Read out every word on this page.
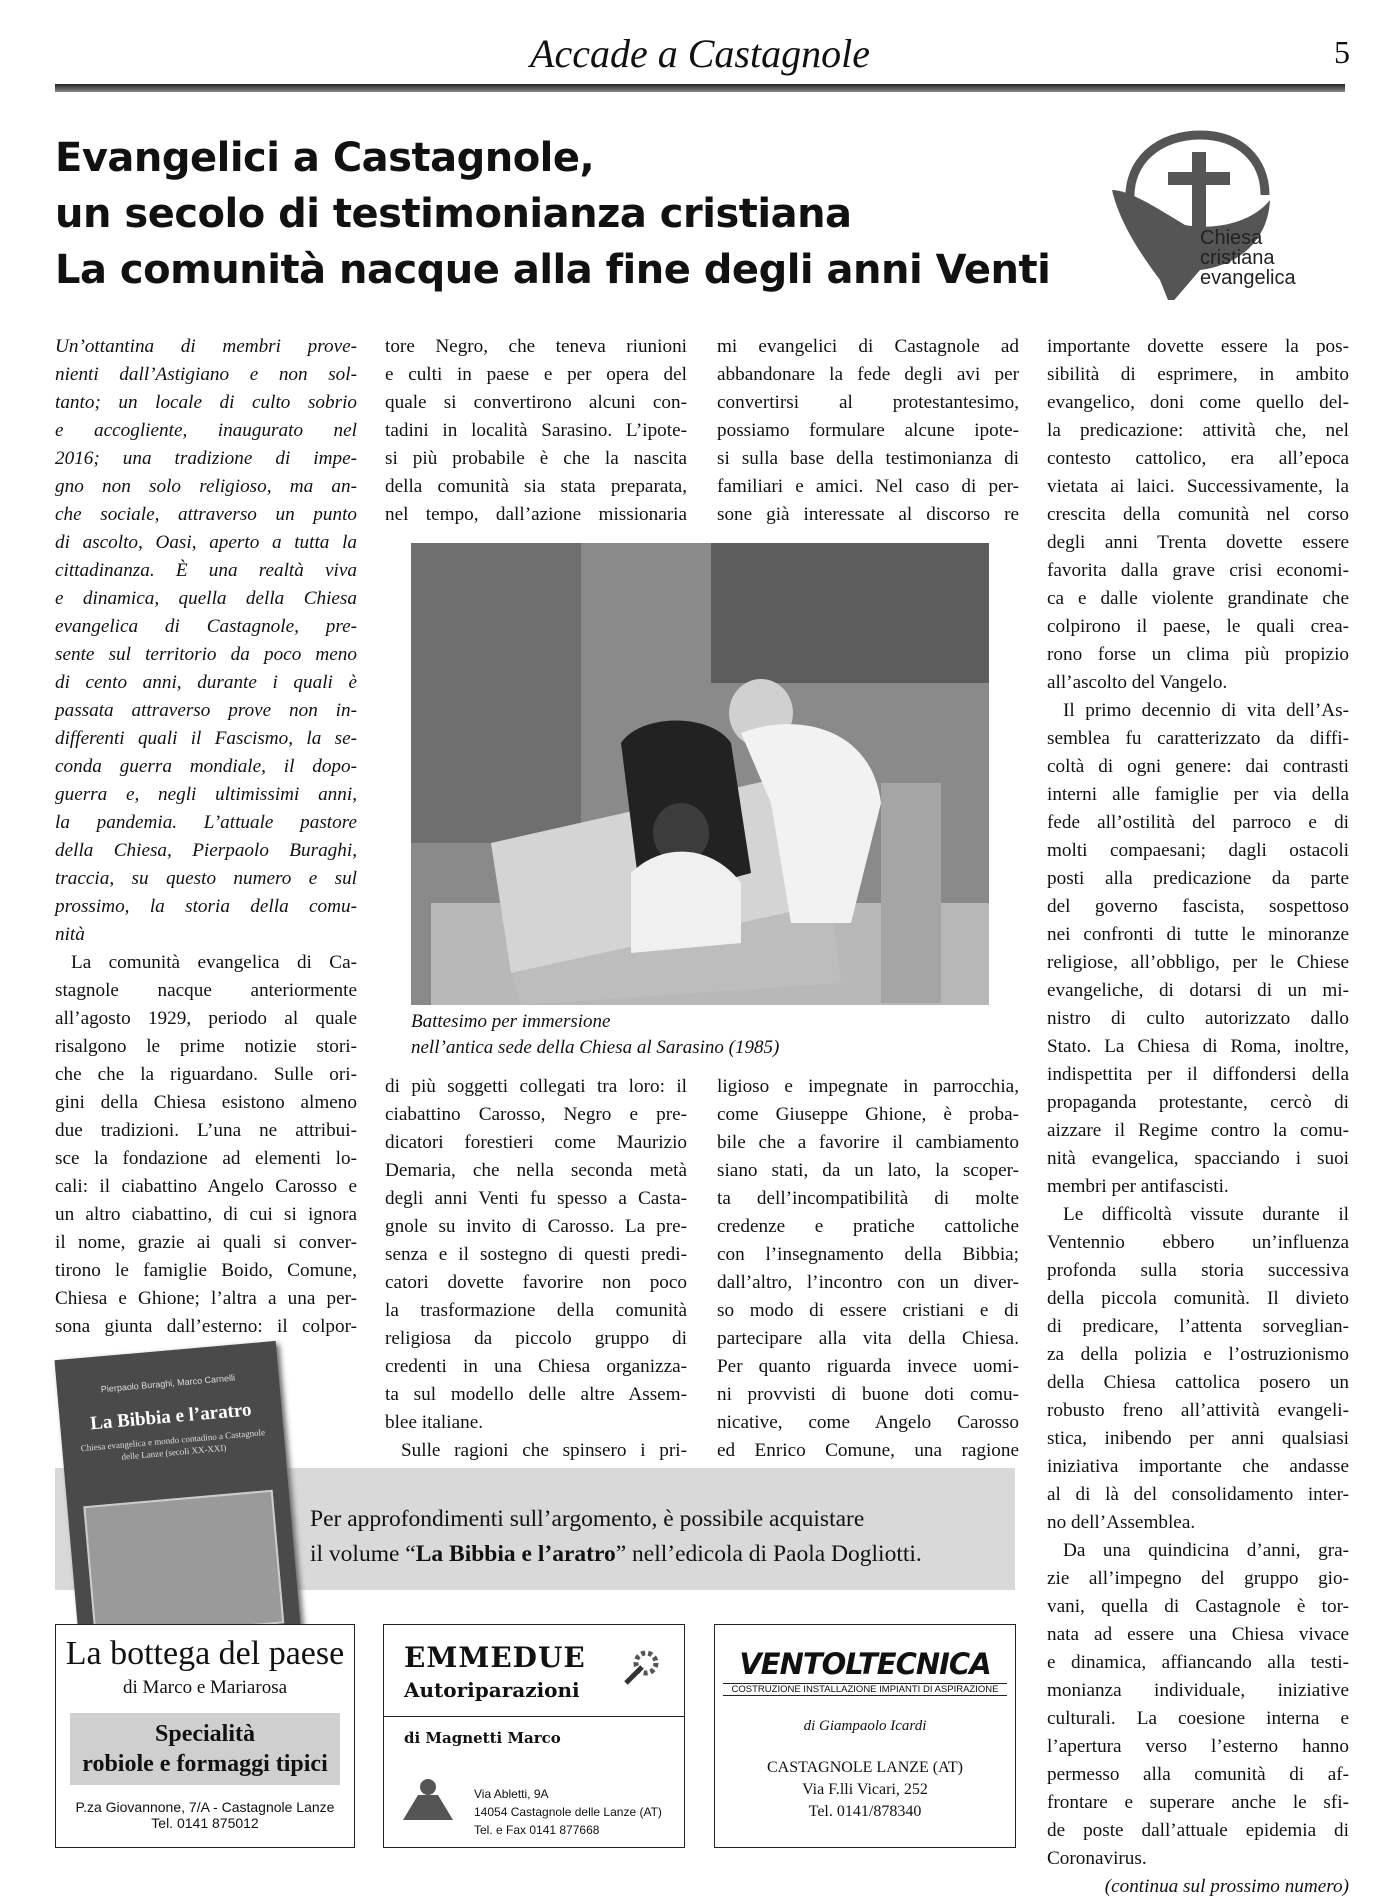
Accade a Castagnole	5
Evangelici a Castagnole,
un secolo di testimonianza cristiana
La comunità nacque alla fine degli anni Venti
Chiesa
cristiana
evangelica
Un’ottantina di membri prove-
nienti dall’Astigiano e non sol-
tanto; un locale di culto sobrio
e accogliente, inaugurato nel
2016; una tradizione di impe-
gno non solo religioso, ma an-
che sociale, attraverso un punto
di ascolto, Oasi, aperto a tutta la
cittadinanza. È una realtà viva
e dinamica, quella della Chiesa
evangelica di Castagnole, pre-
sente sul territorio da poco meno
di cento anni, durante i quali è
passata attraverso prove non in-
differenti quali il Fascismo, la se-
conda guerra mondiale, il dopo-
guerra e, negli ultimissimi anni,
la pandemia. L’attuale pastore
della Chiesa, Pierpaolo Buraghi,
traccia, su questo numero e sul
prossimo, la storia della comu-
nità
La comunità evangelica di Ca-
stagnole nacque anteriormente
all’agosto 1929, periodo al quale
risalgono le prime notizie stori-
che che la riguardano. Sulle ori-
gini della Chiesa esistono almeno
due tradizioni. L’una ne attribui-
sce la fondazione ad elementi lo-
cali: il ciabattino Angelo Carosso e
un altro ciabattino, di cui si ignora
il nome, grazie ai quali si conver-
tirono le famiglie Boido, Comune,
Chiesa e Ghione; l’altra a una per-
sona giunta dall’esterno: il colpor-
tore Negro, che teneva riunioni
e culti in paese e per opera del
quale si convertirono alcuni con-
tadini in località Sarasino. L’ipote-
si più probabile è che la nascita
della comunità sia stata preparata,
nel tempo, dall’azione missionaria
mi evangelici di Castagnole ad
abbandonare la fede degli avi per
convertirsi al protestantesimo,
possiamo formulare alcune ipote-
si sulla base della testimonianza di
familiari e amici. Nel caso di per-
sone già interessate al discorso re
Battesimo per immersione
nell’antica sede della Chiesa al Sarasino (1985)
di più soggetti collegati tra loro: il
ciabattino Carosso, Negro e pre-
dicatori forestieri come Maurizio
Demaria, che nella seconda metà
degli anni Venti fu spesso a Casta-
gnole su invito di Carosso. La pre-
senza e il sostegno di questi predi-
catori dovette favorire non poco
la trasformazione della comunità
religiosa da piccolo gruppo di
credenti in una Chiesa organizza-
ta sul modello delle altre Assem-
blee italiane.
Sulle ragioni che spinsero i pri-
ligioso e impegnate in parrocchia,
come Giuseppe Ghione, è proba-
bile che a favorire il cambiamento
siano stati, da un lato, la scoper-
ta dell’incompatibilità di molte
credenze e pratiche cattoliche
con l’insegnamento della Bibbia;
dall’altro, l’incontro con un diver-
so modo di essere cristiani e di
partecipare alla vita della Chiesa.
Per quanto riguarda invece uomi-
ni provvisti di buone doti comu-
nicative, come Angelo Carosso
ed Enrico Comune, una ragione
importante dovette essere la pos-
sibilità di esprimere, in ambito
evangelico, doni come quello del-
la predicazione: attività che, nel
contesto cattolico, era all’epoca
vietata ai laici. Successivamente, la
crescita della comunità nel corso
degli anni Trenta dovette essere
favorita dalla grave crisi economi-
ca e dalle violente grandinate che
colpirono il paese, le quali crea-
rono forse un clima più propizio
all’ascolto del Vangelo.
Il primo decennio di vita dell’As-
semblea fu caratterizzato da diffi-
coltà di ogni genere: dai contrasti
interni alle famiglie per via della
fede all’ostilità del parroco e di
molti compaesani; dagli ostacoli
posti alla predicazione da parte
del governo fascista, sospettoso
nei confronti di tutte le minoranze
religiose, all’obbligo, per le Chiese
evangeliche, di dotarsi di un mi-
nistro di culto autorizzato dallo
Stato. La Chiesa di Roma, inoltre,
indispettita per il diffondersi della
propaganda protestante, cercò di
aizzare il Regime contro la comu-
nità evangelica, spacciando i suoi
membri per antifascisti.
Le difficoltà vissute durante il
Ventennio ebbero un’influenza
profonda sulla storia successiva
della piccola comunità. Il divieto
di predicare, l’attenta sorveglian-
za della polizia e l’ostruzionismo
della Chiesa cattolica posero un
robusto freno all’attività evangeli-
stica, inibendo per anni qualsiasi
iniziativa importante che andasse
al di là del consolidamento inter-
no dell’Assemblea.
Da una quindicina d’anni, gra-
zie all’impegno del gruppo gio-
vani, quella di Castagnole è tor-
nata ad essere una Chiesa vivace
e dinamica, affiancando alla testi-
monianza individuale, iniziative
culturali. La coesione interna e
l’apertura verso l’esterno hanno
permesso alla comunità di af-
frontare e superare anche le sfi-
de poste dall’attuale epidemia di
Coronavirus.
(continua sul prossimo numero)
Pierpaolo Buraghi, Marco Carnelli
La Bibbia e l’aratro
Chiesa evangelica e mondo contadino a Castagnole delle Lanze (secoli XX-XXI)
Per approfondimenti sull’argomento, è possibile acquistare
il volume “La Bibbia e l’aratro” nell’edicola di Paola Dogliotti.
La bottega del paese
di Marco e Mariarosa
Specialità
robiole e formaggi tipici
P.za Giovannone, 7/A - Castagnole Lanze
Tel. 0141 875012
EMMEDUE
Autoriparazioni
di Magnetti Marco
Via Abletti, 9A
14054 Castagnole delle Lanze (AT)
Tel. e Fax 0141 877668
VENTOLTECNICA
COSTRUZIONE INSTALLAZIONE IMPIANTI DI ASPIRAZIONE
di Giampaolo Icardi
CASTAGNOLE LANZE (AT)
Via F.lli Vicari, 252
Tel. 0141/878340
